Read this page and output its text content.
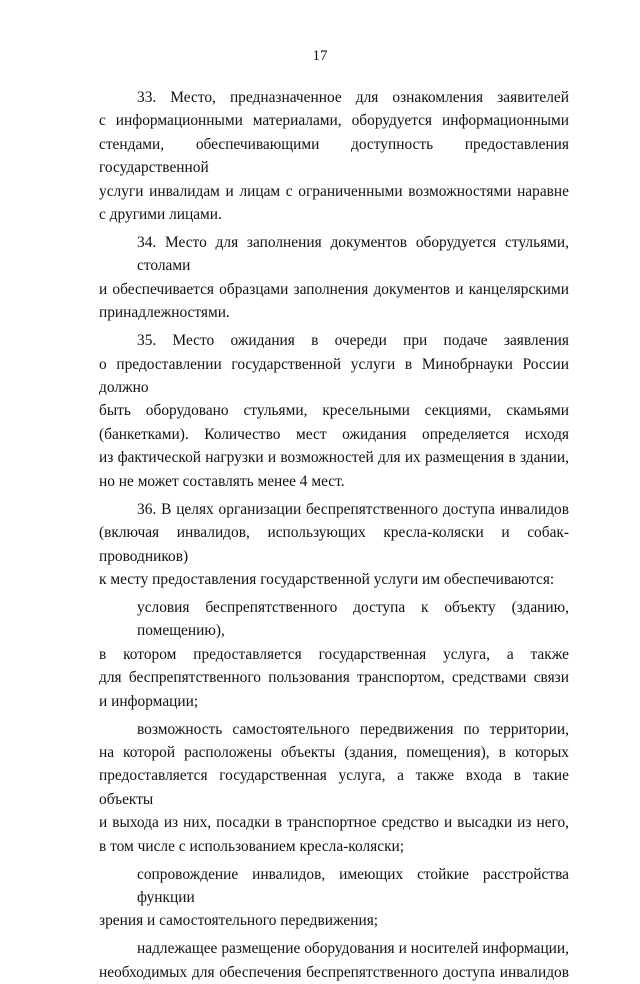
17
33. Место, предназначенное для ознакомления заявителей
с информационными материалами, оборудуется информационными
стендами, обеспечивающими доступность предоставления государственной
услуги инвалидам и лицам с ограниченными возможностями наравне
с другими лицами.
34. Место для заполнения документов оборудуется стульями, столами
и обеспечивается образцами заполнения документов и канцелярскими
принадлежностями.
35. Место ожидания в очереди при подаче заявления
о предоставлении государственной услуги в Минобрнауки России должно
быть оборудовано стульями, кресельными секциями, скамьями
(банкетками). Количество мест ожидания определяется исходя
из фактической нагрузки и возможностей для их размещения в здании,
но не может составлять менее 4 мест.
36. В целях организации беспрепятственного доступа инвалидов
(включая инвалидов, использующих кресла-коляски и собак-проводников)
к месту предоставления государственной услуги им обеспечиваются:
условия беспрепятственного доступа к объекту (зданию, помещению),
в котором предоставляется государственная услуга, а также
для беспрепятственного пользования транспортом, средствами связи
и информации;
возможность самостоятельного передвижения по территории,
на которой расположены объекты (здания, помещения), в которых
предоставляется государственная услуга, а также входа в такие объекты
и выхода из них, посадки в транспортное средство и высадки из него,
в том числе с использованием кресла-коляски;
сопровождение инвалидов, имеющих стойкие расстройства функции
зрения и самостоятельного передвижения;
надлежащее размещение оборудования и носителей информации,
необходимых для обеспечения беспрепятственного доступа инвалидов
